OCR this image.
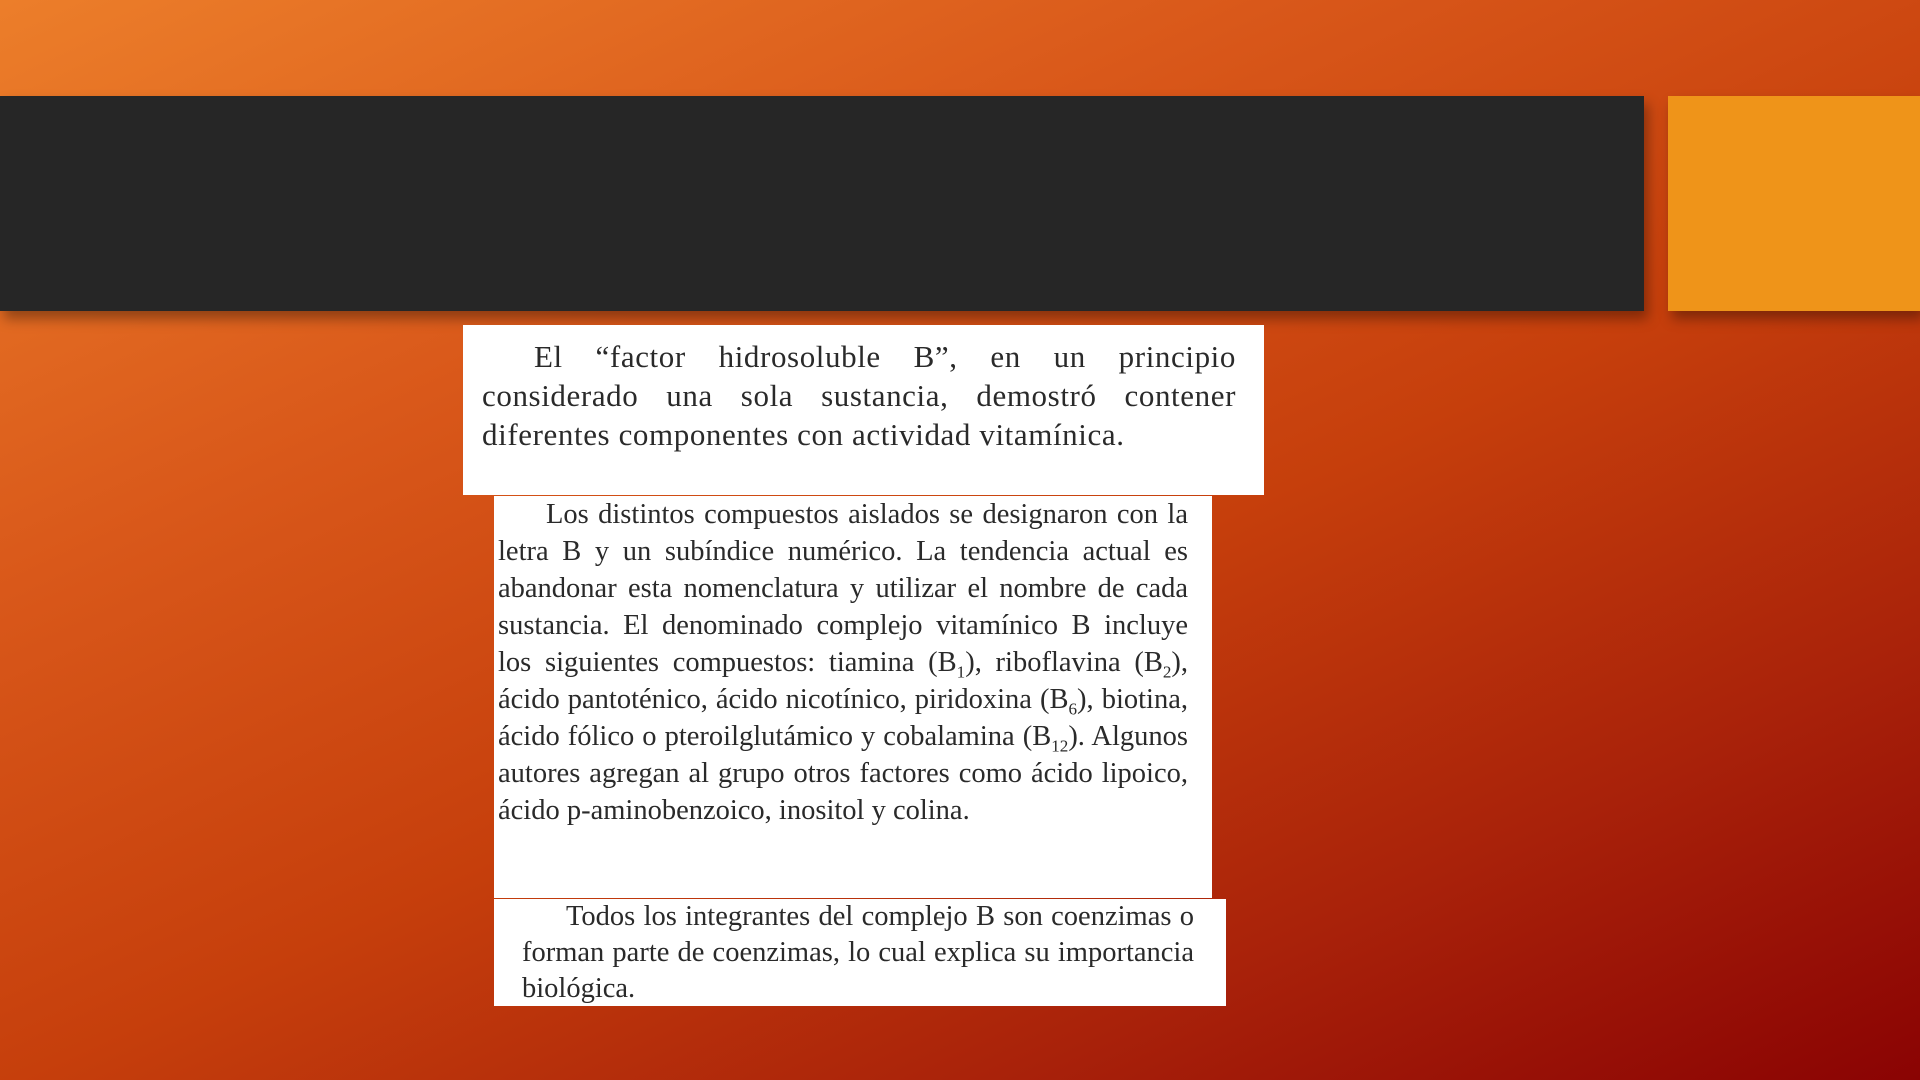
El “factor hidrosoluble B”, en un principio considerado una sola sustancia, demostró contener diferentes componentes con actividad vitamínica.

Los distintos compuestos aislados se designaron con la letra B y un subíndice numérico. La tendencia actual es abandonar esta nomenclatura y utilizar el nombre de cada sustancia. El denominado complejo vitamínico B incluye los siguientes compuestos: tiamina $(B_1)$, riboflavina $(B_2)$, ácido pantoténico, ácido nicotínico, piridoxina $(B_6)$, biotina, ácido fólico o pteroilglutámico y cobalamina $(B_{12})$. Algunos autores agregan al grupo otros factores como ácido lipoico, ácido p-aminobenzoico, inositol y colina.

Todos los integrantes del complejo B son coenzimas o forman parte de coenzimas, lo cual explica su importancia biológica.
